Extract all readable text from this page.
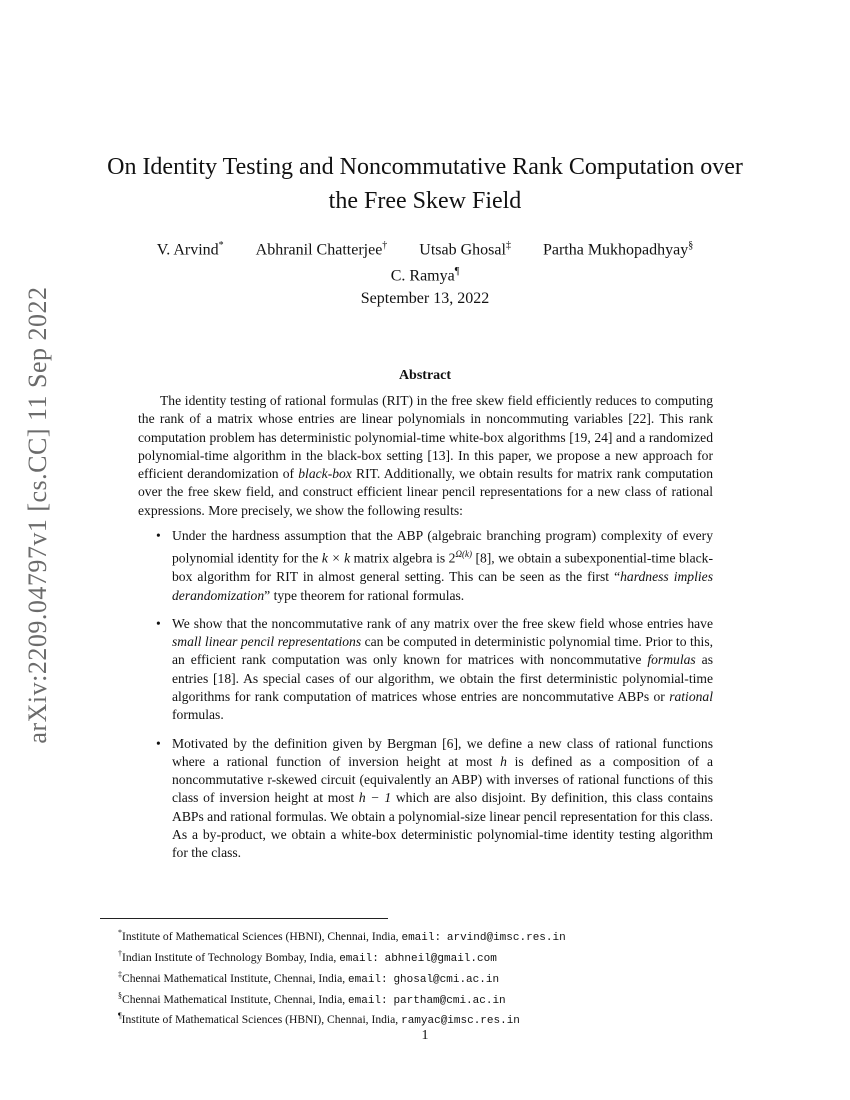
arXiv:2209.04797v1 [cs.CC] 11 Sep 2022
On Identity Testing and Noncommutative Rank Computation over
the Free Skew Field
V. Arvind* Abhranil Chatterjee† Utsab Ghosal‡ Partha Mukhopadhyay§
C. Ramya¶
September 13, 2022
Abstract

The identity testing of rational formulas (RIT) in the free skew field efficiently reduces to computing the rank of a matrix whose entries are linear polynomials in noncommuting variables [22]. This rank computation problem has deterministic polynomial-time white-box algorithms [19, 24] and a randomized polynomial-time algorithm in the black-box setting [13]. In this paper, we propose a new approach for efficient derandomization of black-box RIT. Additionally, we obtain results for matrix rank computation over the free skew field, and construct efficient linear pencil representations for a new class of rational expressions. More precisely, we show the following results:

• Under the hardness assumption that the ABP (algebraic branching program) complexity of every polynomial identity for the k × k matrix algebra is $2^{\Omega(k)}$ [8], we obtain a subexponential-time black-box algorithm for RIT in almost general setting. This can be seen as the first “hardness implies derandomization” type theorem for rational formulas.
• We show that the noncommutative rank of any matrix over the free skew field whose entries have small linear pencil representations can be computed in deterministic polynomial time. Prior to this, an efficient rank computation was only known for matrices with noncommutative formulas as entries [18]. As special cases of our algorithm, we obtain the first deterministic polynomial-time algorithms for rank computation of matrices whose entries are noncommutative ABPs or rational formulas.
• Motivated by the definition given by Bergman [6], we define a new class of rational functions where a rational function of inversion height at most h is defined as a composition of a noncommutative r-skewed circuit (equivalently an ABP) with inverses of rational functions of this class of inversion height at most h − 1 which are also disjoint. By definition, this class contains ABPs and rational formulas. We obtain a polynomial-size linear pencil representation for this class. As a by-product, we obtain a white-box deterministic polynomial-time identity testing algorithm for the class.
*Institute of Mathematical Sciences (HBNI), Chennai, India, email: arvind@imsc.res.in
†Indian Institute of Technology Bombay, India, email: abhneil@gmail.com
‡Chennai Mathematical Institute, Chennai, India, email: ghosal@cmi.ac.in
§Chennai Mathematical Institute, Chennai, India, email: partham@cmi.ac.in
¶Institute of Mathematical Sciences (HBNI), Chennai, India, ramyac@imsc.res.in
1
